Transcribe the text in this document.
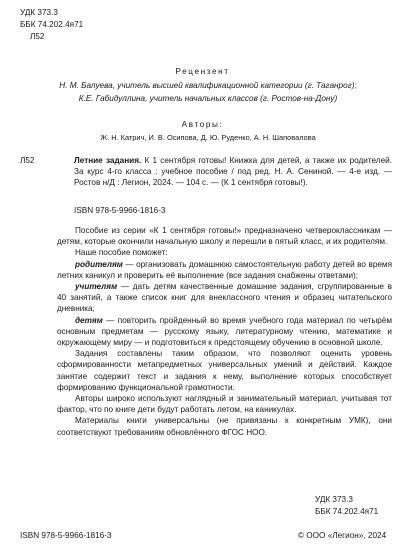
УДК 373.3
ББК 74.202.4я71
Л52
Рецензент
Н. М. Балуева, учитель высшей квалификационной категории (г. Таганрог);
К.Е. Габидуллина, учитель начальных классов (г. Ростов-на-Дону)
Авторы:
Ж. Н. Катрич, И. В. Осипова, Д. Ю. Руденко, А. Н. Шаповалова
Л52	Летние задания. К 1 сентября готовы! Книжка для детей, а также их родителей. За курс 4-го класса : учебное пособие / под ред. Н. А. Сениной. — 4-е изд. — Ростов н/Д : Легион, 2024. — 104 с. — (К 1 сентября готовы!).
ISBN 978-5-9966-1816-3

Пособие из серии «К 1 сентября готовы!» предназначено четвероклассникам — детям, которые окончили начальную школу и перешли в пятый класс, и их родителям.

Наше пособие поможет:

родителям — организовать домашнюю самостоятельную работу детей во время летних каникул и проверить её выполнение (все задания снабжены ответами);

учителям — дать детям качественные домашние задания, сгруппированные в 40 занятий, а также список книг для внеклассного чтения и образец читательского дневника;

детям — повторить пройденный во время учебного года материал по четырём основным предметам — русскому языку, литературному чтению, математике и окружающему миру — и подготовиться к предстоящему обучению в основной школе.

Задания составлены таким образом, что позволяют оценить уровень сформированности метапредметных универсальных умений и действий. Каждое занятие содержит текст и задания к нему, выполнение которых способствует формированию функциональной грамотности.

Авторы широко используют наглядный и занимательный материал, учитывая тот фактор, что по книге дети будут работать летом, на каникулах.

Материалы книги универсальны (не привязаны к конкретным УМК), они соответствуют требованиям обновлённого ФГОС НОО.

УДК 373.3
ББК 74.202.4я71
ISBN 978-5-9966-1816-3	© ООО «Легион», 2024
